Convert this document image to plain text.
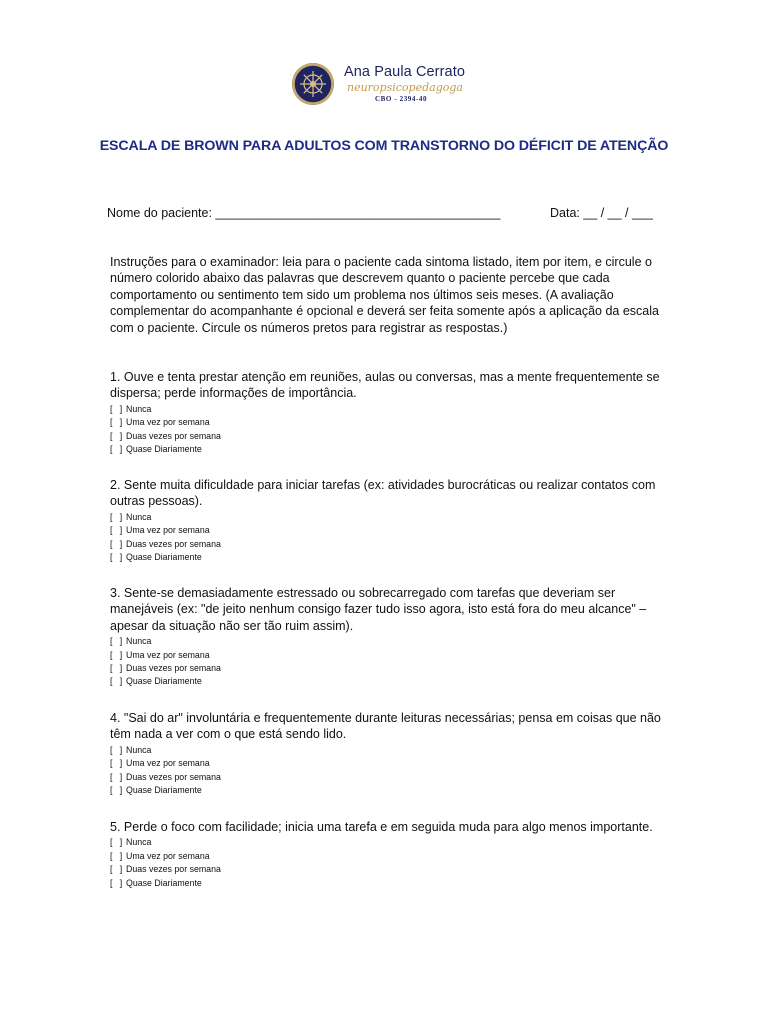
Ana Paula Cerrato
neuropsicopedagoga
CBO - 2394-40
ESCALA DE BROWN PARA ADULTOS COM TRANSTORNO DO DÉFICIT DE ATENÇÃO
Nome do paciente: _________________________________________	Data: __ / __ / ___
Instruções para o examinador: leia para o paciente cada sintoma listado, item por item, e circule o número colorido abaixo das palavras que descrevem quanto o paciente percebe que cada comportamento ou sentimento tem sido um problema nos últimos seis meses. (A avaliação complementar do acompanhante é opcional e deverá ser feita somente após a aplicação da escala com o paciente. Circule os números pretos para registrar as respostas.)
1. Ouve e tenta prestar atenção em reuniões, aulas ou conversas, mas a mente frequentemente se dispersa; perde informações de importância.
[   ] Nunca
[   ] Uma vez por semana
[   ] Duas vezes por semana
[   ] Quase Diariamente
2. Sente muita dificuldade para iniciar tarefas (ex: atividades burocráticas ou realizar contatos com outras pessoas).
[   ] Nunca
[   ] Uma vez por semana
[   ] Duas vezes por semana
[   ] Quase Diariamente
3. Sente-se demasiadamente estressado ou sobrecarregado com tarefas que deveriam ser manejáveis (ex: "de jeito nenhum consigo fazer tudo isso agora, isto está fora do meu alcance" – apesar da situação não ser tão ruim assim).
[   ] Nunca
[   ] Uma vez por semana
[   ] Duas vezes por semana
[   ] Quase Diariamente
4. "Sai do ar" involuntária e frequentemente durante leituras necessárias; pensa em coisas que não têm nada a ver com o que está sendo lido.
[   ] Nunca
[   ] Uma vez por semana
[   ] Duas vezes por semana
[   ] Quase Diariamente
5. Perde o foco com facilidade; inicia uma tarefa e em seguida muda para algo menos importante.
[   ] Nunca
[   ] Uma vez por semana
[   ] Duas vezes por semana
[   ] Quase Diariamente
